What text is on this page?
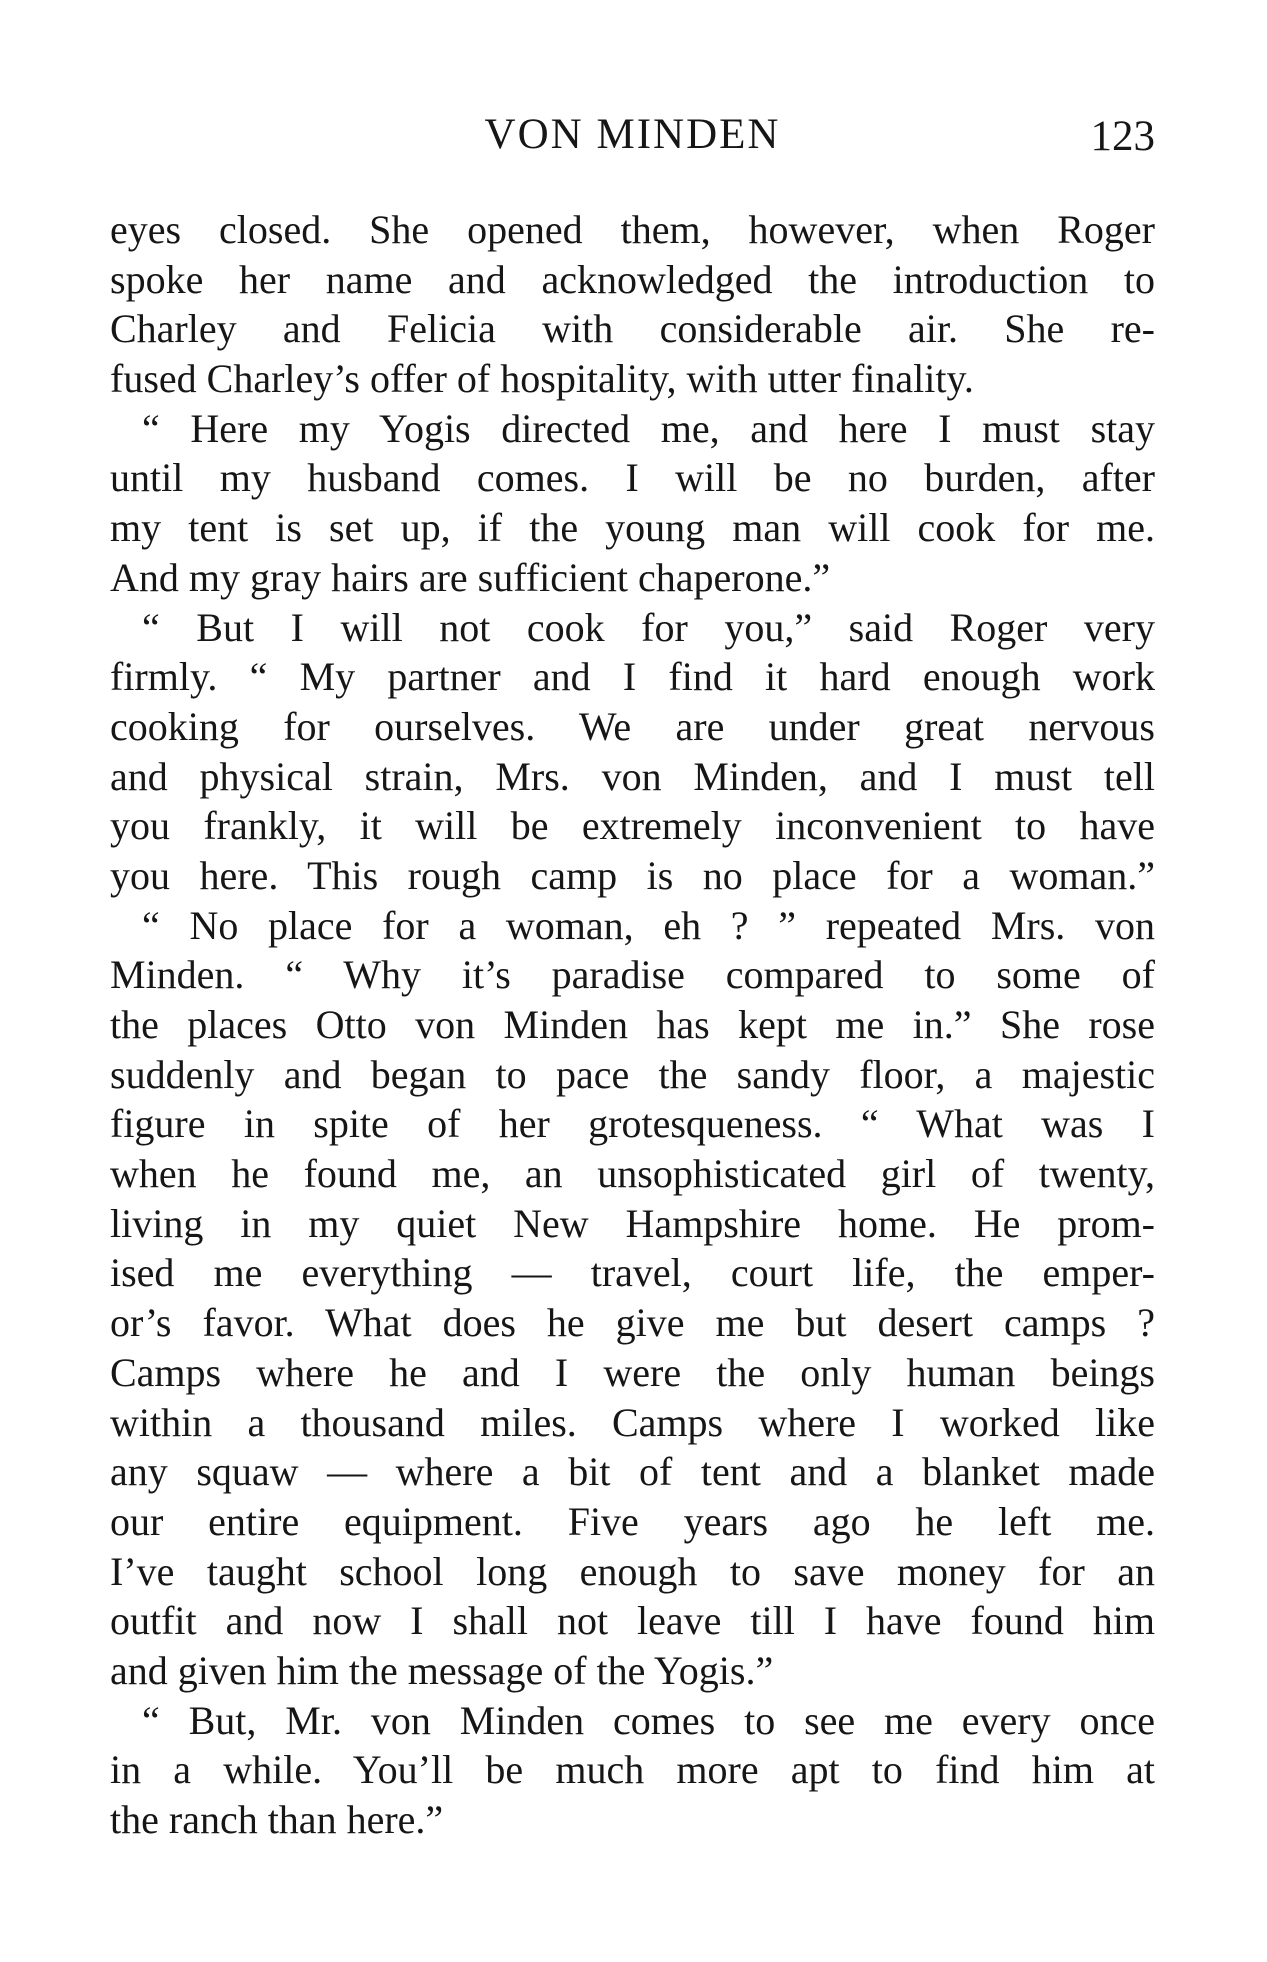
VON MINDEN	123
eyes closed. She opened them, however, when Roger
spoke her name and acknowledged the introduction to
Charley and Felicia with considerable air. She re-
fused Charley’s offer of hospitality, with utter finality.
“ Here my Yogis directed me, and here I must stay
until my husband comes. I will be no burden, after
my tent is set up, if the young man will cook for me.
And my gray hairs are sufficient chaperone.”
“ But I will not cook for you,” said Roger very
firmly. “ My partner and I find it hard enough work
cooking for ourselves. We are under great nervous
and physical strain, Mrs. von Minden, and I must tell
you frankly, it will be extremely inconvenient to have
you here. This rough camp is no place for a woman.”
“ No place for a woman, eh ? ” repeated Mrs. von
Minden. “ Why it’s paradise compared to some of
the places Otto von Minden has kept me in.” She rose
suddenly and began to pace the sandy floor, a majestic
figure in spite of her grotesqueness. “ What was I
when he found me, an unsophisticated girl of twenty,
living in my quiet New Hampshire home. He prom-
ised me everything — travel, court life, the emper-
or’s favor. What does he give me but desert camps ?
Camps where he and I were the only human beings
within a thousand miles. Camps where I worked like
any squaw — where a bit of tent and a blanket made
our entire equipment. Five years ago he left me.
I’ve taught school long enough to save money for an
outfit and now I shall not leave till I have found him
and given him the message of the Yogis.”
“ But, Mr. von Minden comes to see me every once
in a while. You’ll be much more apt to find him at
the ranch than here.”
